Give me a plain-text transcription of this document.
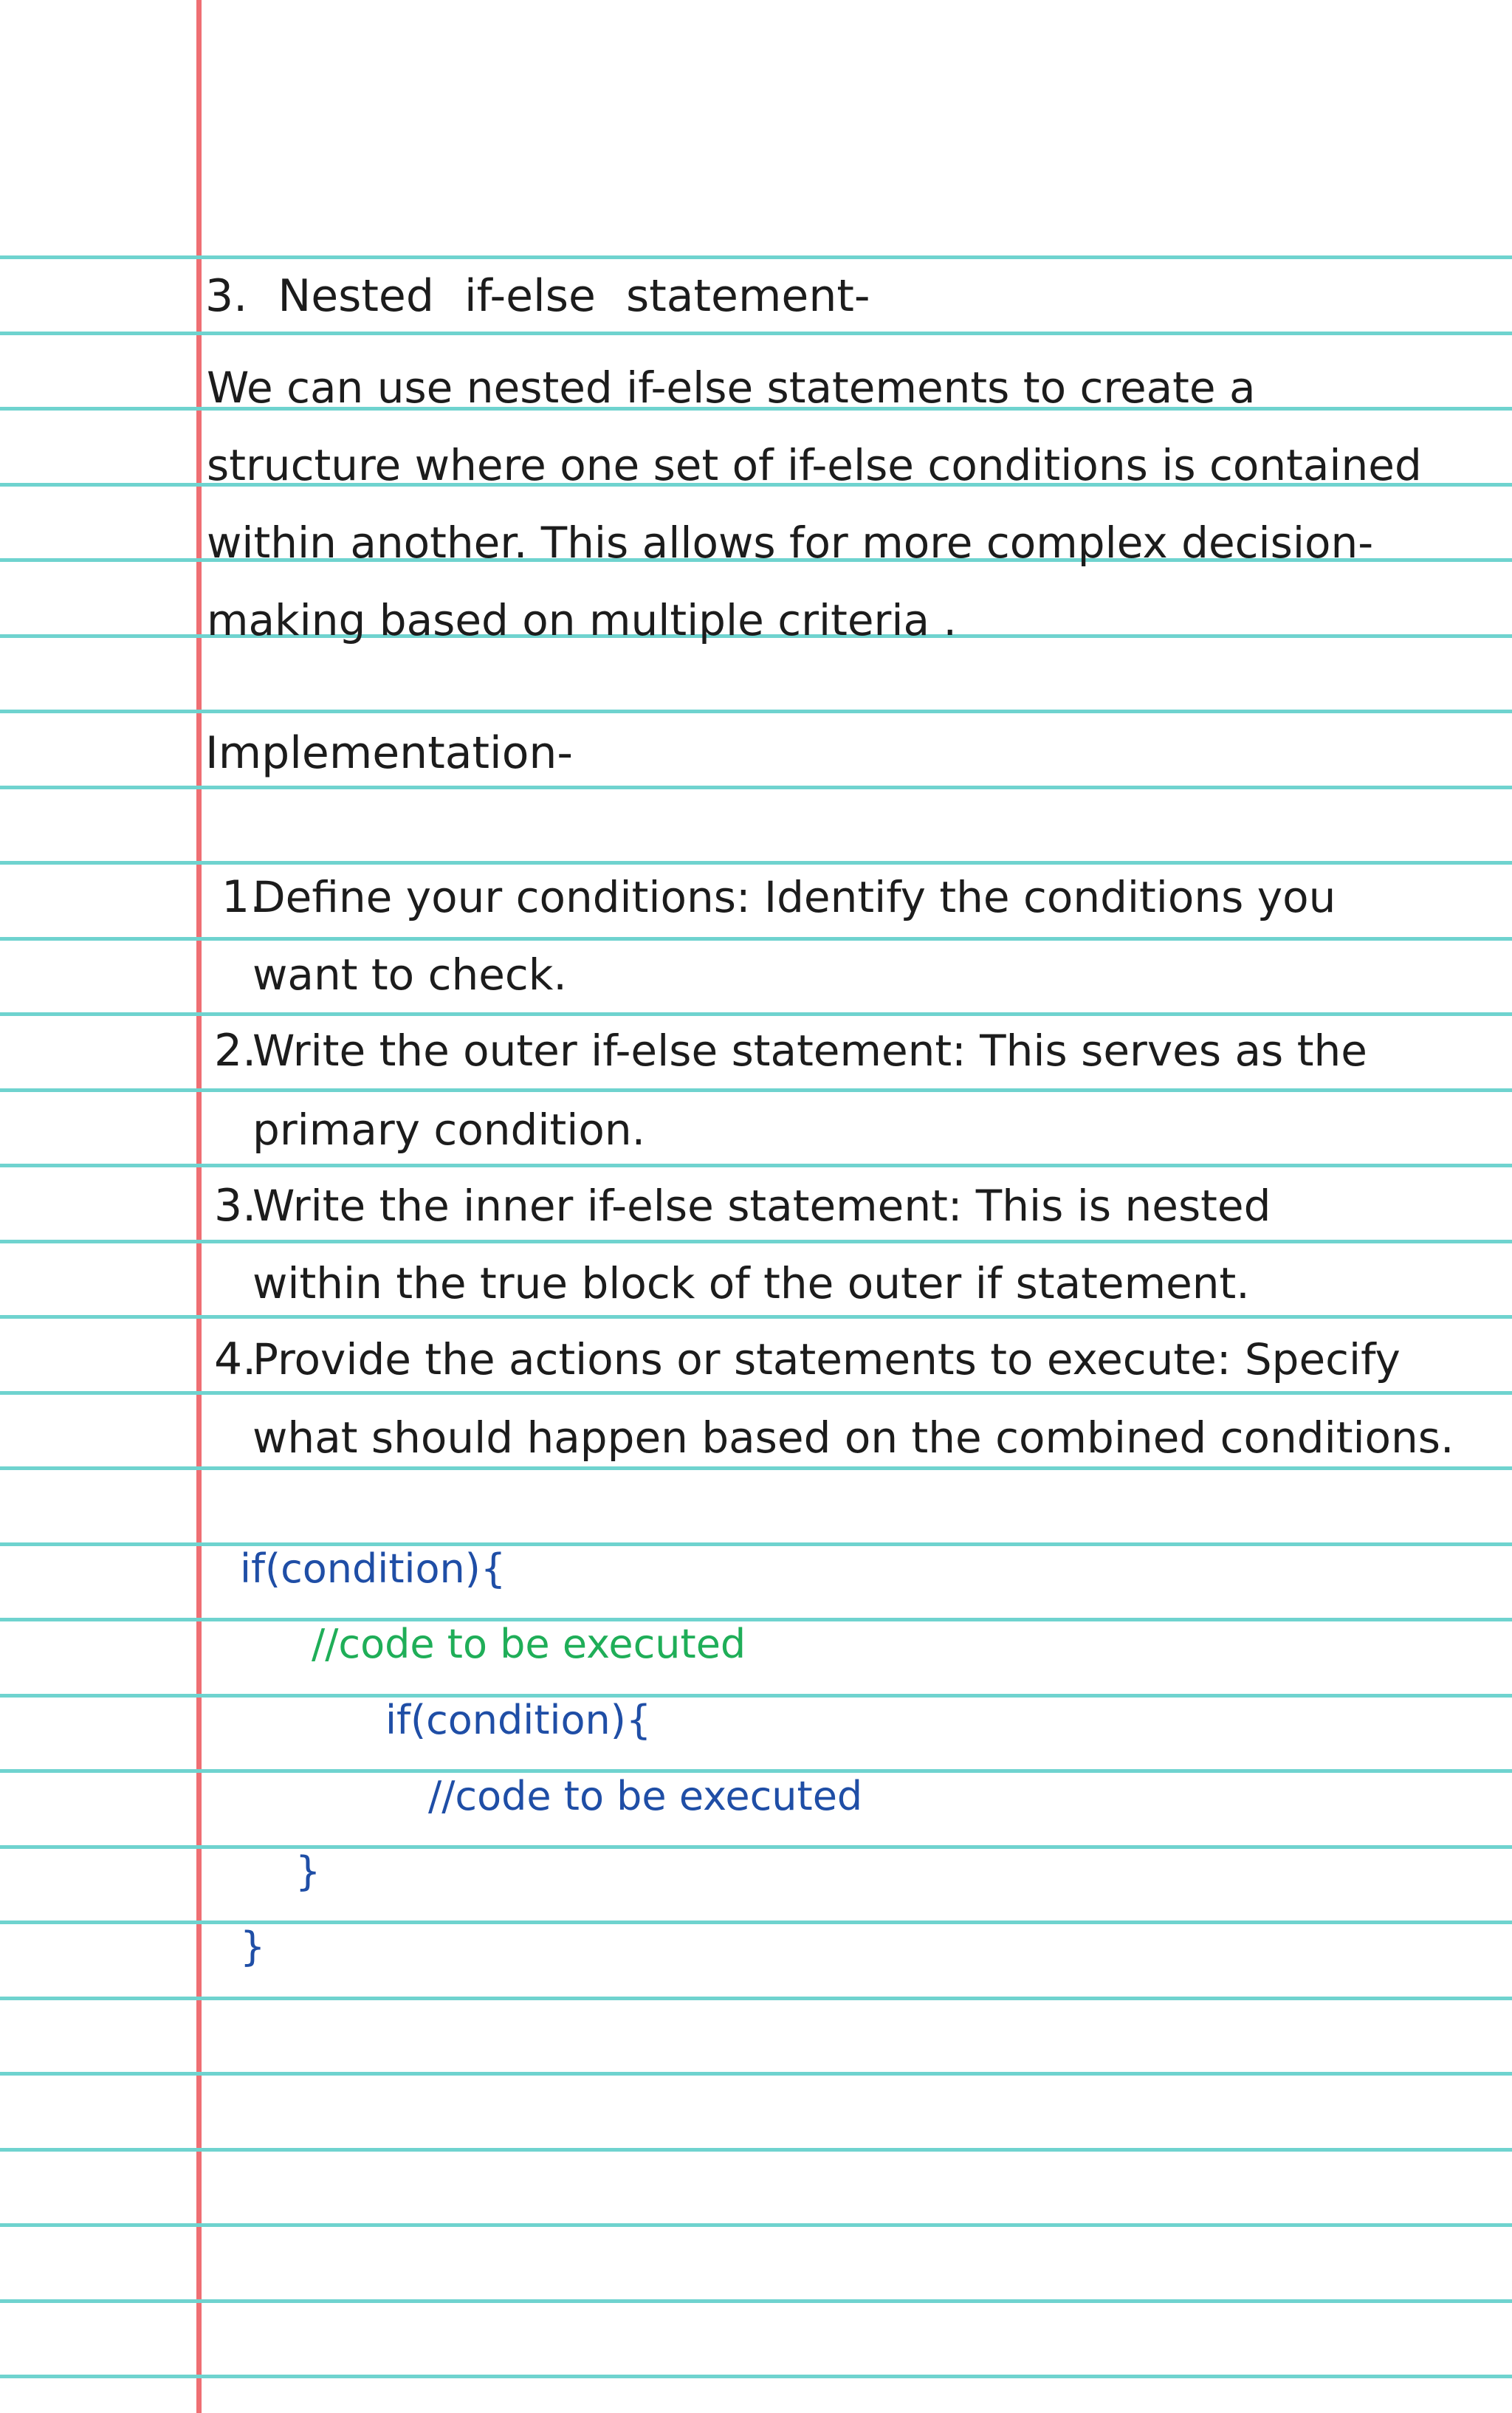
3. Nested if-else statement-
We can use nested if-else statements to create a
structure where one set of if-else conditions is contained
within another. This allows for more complex decision-
making based on multiple criteria .
Implementation-
1.
Define your conditions: Identify the conditions you
want to check.
2.
Write the outer if-else statement: This serves as the
primary condition.
3.
Write the inner if-else statement: This is nested
within the true block of the outer if statement.
4.
Provide the actions or statements to execute: Specify
what should happen based on the combined conditions.
if(condition){
//code to be executed
if(condition){
//code to be executed
}
}
